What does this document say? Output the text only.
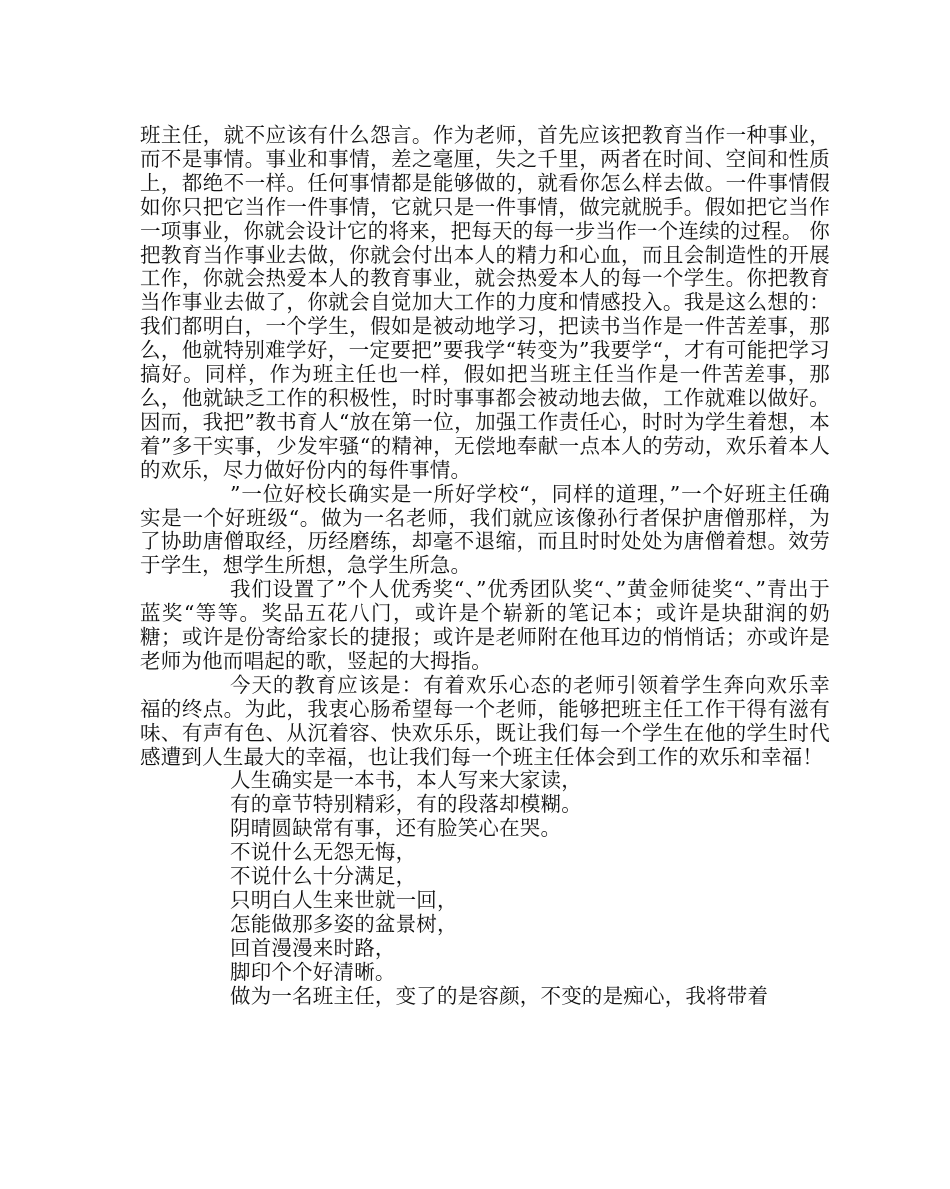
班主任，就不应该有什么怨言。作为老师，首先应该把教育当作一种事业，而不是事情。事业和事情，差之毫厘，失之千里，两者在时间、空间和性质上，都绝不一样。任何事情都是能够做的，就看你怎么样去做。一件事情假如你只把它当作一件事情，它就只是一件事情，做完就脱手。假如把它当作一项事业，你就会设计它的将来，把每天的每一步当作一个连续的过程。 你把教育当作事业去做，你就会付出本人的精力和心血，而且会制造性的开展工作，你就会热爱本人的教育事业，就会热爱本人的每一个学生。你把教育当作事业去做了，你就会自觉加大工作的力度和情感投入。我是这么想的：我们都明白，一个学生，假如是被动地学习，把读书当作是一件苦差事，那么，他就特别难学好，一定要把”要我学“转变为”我要学“，才有可能把学习搞好。同样，作为班主任也一样，假如把当班主任当作是一件苦差事，那么，他就缺乏工作的积极性，时时事事都会被动地去做，工作就难以做好。因而，我把”教书育人“放在第一位，加强工作责任心，时时为学生着想，本着”多干实事，少发牢骚“的精神，无偿地奉献一点本人的劳动，欢乐着本人的欢乐，尽力做好份内的每件事情。

”一位好校长确实是一所好学校“，同样的道理，”一个好班主任确实是一个好班级“。做为一名老师，我们就应该像孙行者保护唐僧那样，为了协助唐僧取经，历经磨练，却毫不退缩，而且时时处处为唐僧着想。效劳于学生，想学生所想，急学生所急。

我们设置了”个人优秀奖“、”优秀团队奖“、”黄金师徒奖“、”青出于蓝奖“等等。奖品五花八门，或许是个崭新的笔记本；或许是块甜润的奶糖；或许是份寄给家长的捷报；或许是老师附在他耳边的悄悄话；亦或许是老师为他而唱起的歌，竖起的大拇指。

今天的教育应该是：有着欢乐心态的老师引领着学生奔向欢乐幸福的终点。为此，我衷心肠希望每一个老师，能够把班主任工作干得有滋有味、有声有色、从沉着容、快欢乐乐，既让我们每一个学生在他的学生时代感遭到人生最大的幸福，也让我们每一个班主任体会到工作的欢乐和幸福！

人生确实是一本书，本人写来大家读，

有的章节特别精彩，有的段落却模糊。

阴晴圆缺常有事，还有脸笑心在哭。

不说什么无怨无悔，

不说什么十分满足，

只明白人生来世就一回，

怎能做那多姿的盆景树，

回首漫漫来时路，

脚印个个好清晰。

做为一名班主任，变了的是容颜，不变的是痴心，我将带着
